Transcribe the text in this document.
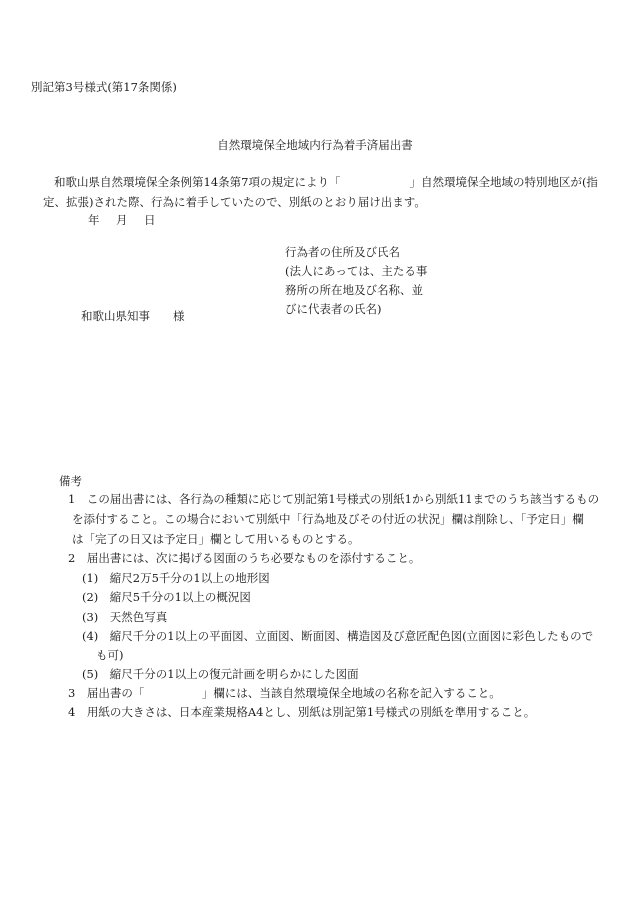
別記第3号様式(第17条関係)
自然環境保全地域内行為着手済届出書
和歌山県自然環境保全条例第14条第7項の規定により「　　　　　　」自然環境保全地域の特別地区が(指
定、拡張)された際、行為に着手していたので、別紙のとおり届け出ます。
年 月 日
行為者の住所及び氏名
(法人にあっては、主たる事
務所の所在地及び名称、並
びに代表者の氏名)
和歌山県知事　　様
備考
1　この届出書には、各行為の種類に応じて別記第1号様式の別紙1から別紙11までのうち該当するもの
を添付すること。この場合において別紙中「行為地及びその付近の状況」欄は削除し、「予定日」欄
は「完了の日又は予定日」欄として用いるものとする。
2　届出書には、次に掲げる図面のうち必要なものを添付すること。
(1)　縮尺2万5千分の1以上の地形図
(2)　縮尺5千分の1以上の概況図
(3)　天然色写真
(4)　縮尺千分の1以上の平面図、立面図、断面図、構造図及び意匠配色図(立面図に彩色したもので
も可)
(5)　縮尺千分の1以上の復元計画を明らかにした図面
3　届出書の「　　　　　」欄には、当該自然環境保全地域の名称を記入すること。
4　用紙の大きさは、日本産業規格A4とし、別紙は別記第1号様式の別紙を準用すること。
